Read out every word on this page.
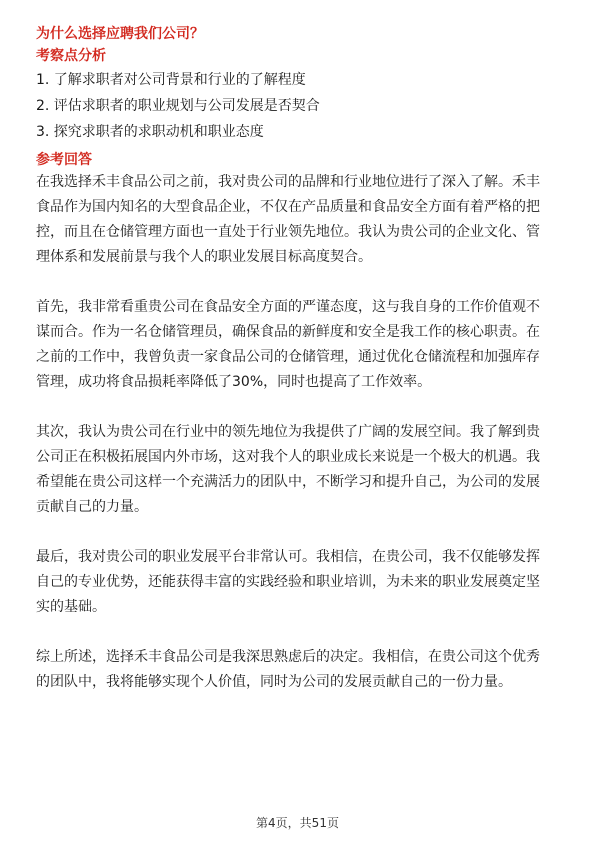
为什么选择应聘我们公司？

考察点分析

1. 了解求职者对公司背景和行业的了解程度

2. 评估求职者的职业规划与公司发展是否契合

3. 探究求职者的求职动机和职业态度

参考回答

在我选择禾丰食品公司之前，我对贵公司的品牌和行业地位进行了深入了解。禾丰

食品作为国内知名的大型食品企业，不仅在产品质量和食品安全方面有着严格的把

控，而且在仓储管理方面也一直处于行业领先地位。我认为贵公司的企业文化、管

理体系和发展前景与我个人的职业发展目标高度契合。

首先，我非常看重贵公司在食品安全方面的严谨态度，这与我自身的工作价值观不

谋而合。作为一名仓储管理员，确保食品的新鲜度和安全是我工作的核心职责。在

之前的工作中，我曾负责一家食品公司的仓储管理，通过优化仓储流程和加强库存

管理，成功将食品损耗率降低了30%，同时也提高了工作效率。

其次，我认为贵公司在行业中的领先地位为我提供了广阔的发展空间。我了解到贵

公司正在积极拓展国内外市场，这对我个人的职业成长来说是一个极大的机遇。我

希望能在贵公司这样一个充满活力的团队中，不断学习和提升自己，为公司的发展

贡献自己的力量。

最后，我对贵公司的职业发展平台非常认可。我相信，在贵公司，我不仅能够发挥

自己的专业优势，还能获得丰富的实践经验和职业培训，为未来的职业发展奠定坚

实的基础。

综上所述，选择禾丰食品公司是我深思熟虑后的决定。我相信，在贵公司这个优秀

的团队中，我将能够实现个人价值，同时为公司的发展贡献自己的一份力量。

第4页，共51页
